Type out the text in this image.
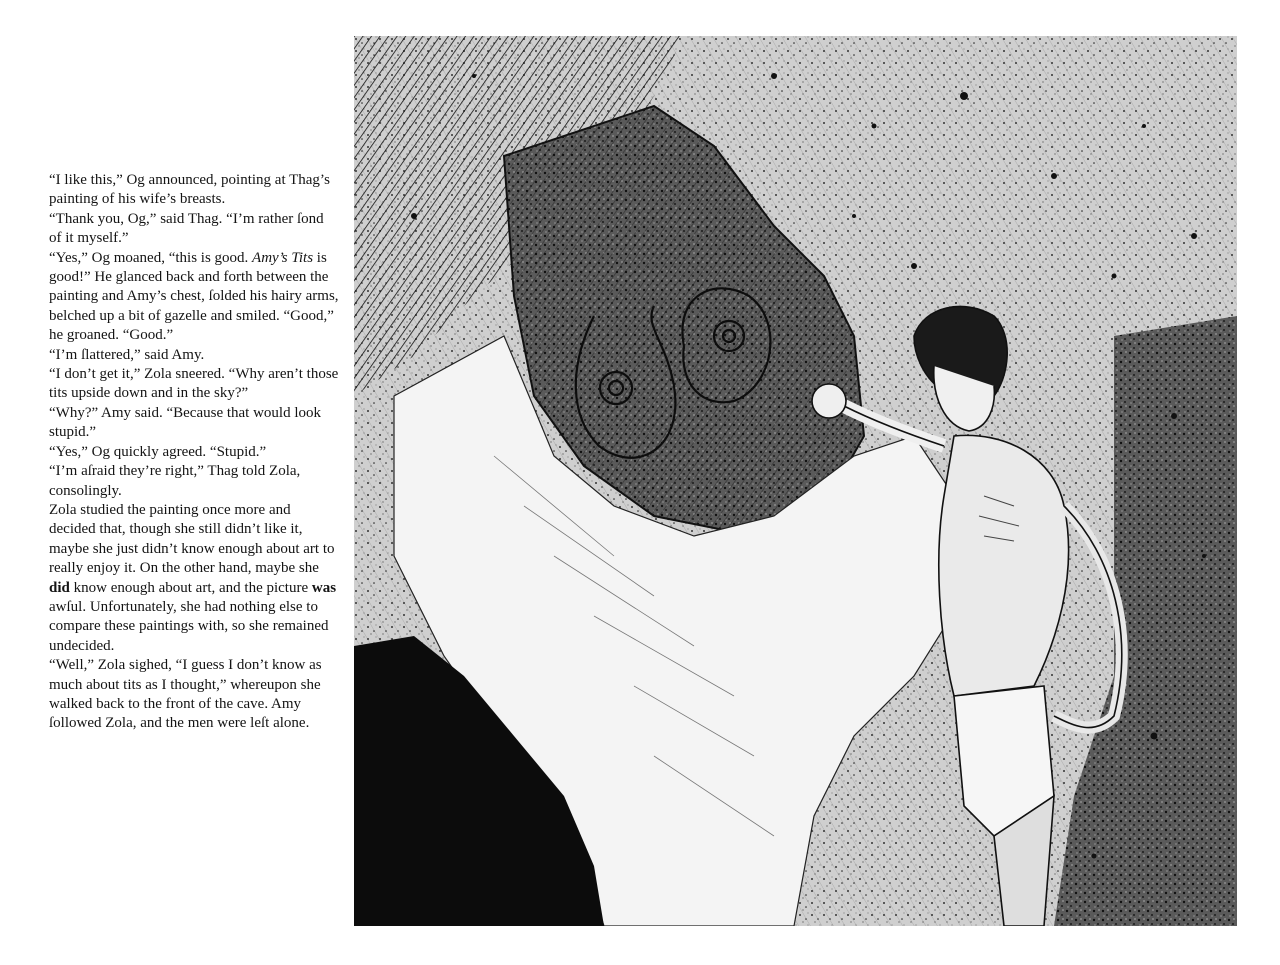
“I like this,” Og announced, pointing at Thag’s painting of his wife’s breasts.

“Thank you, Og,” said Thag. “I’m rather ſond of it myself.”

“Yes,” Og moaned, “this is good. Amy’s Tits is good!” He glanced back and forth between the painting and Amy’s chest, ſolded his hairy arms, belched up a bit of gazelle and smiled. “Good,” he groaned. “Good.”

“I’m ſlattered,” said Amy.

“I don’t get it,” Zola sneered. “Why aren’t those tits upside down and in the sky?”

“Why?” Amy said. “Because that would look stupid.”

“Yes,” Og quickly agreed. “Stupid.”

“I’m aſraid they’re right,” Thag told Zola, consolingly.

Zola studied the painting once more and decided that, though she still didn’t like it, maybe she just didn’t know enough about art to really enjoy it. On the other hand, maybe she did know enough about art, and the picture was awſul. Unfortunately, she had nothing else to compare these paintings with, so she remained undecided.

“Well,” Zola sighed, “I guess I don’t know as much about tits as I thought,” whereupon she walked back to the front of the cave. Amy ſollowed Zola, and the men were leſt alone.
